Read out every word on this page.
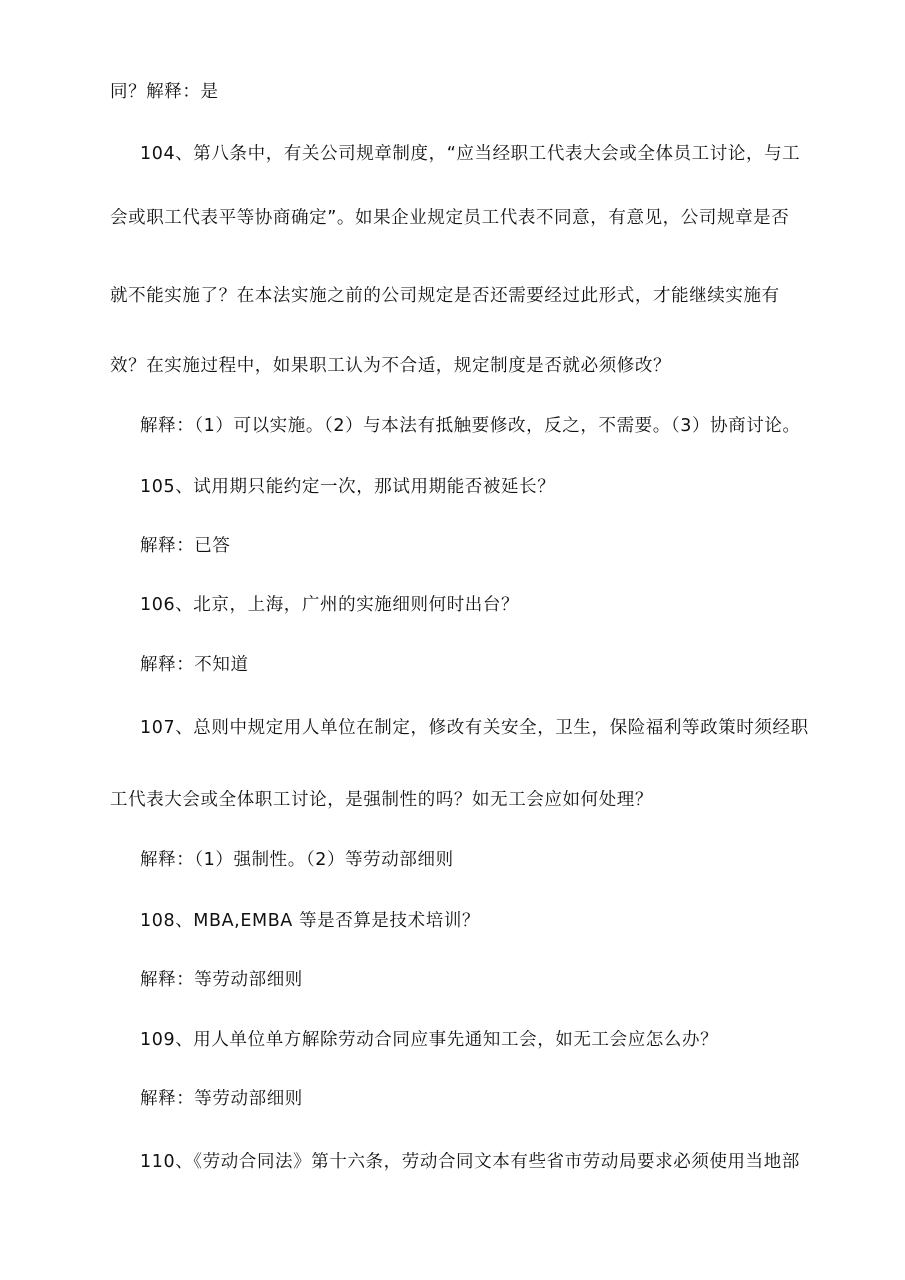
同？解释：是
104、第八条中，有关公司规章制度，“应当经职工代表大会或全体员工讨论，与工
会或职工代表平等协商确定”。如果企业规定员工代表不同意，有意见，公司规章是否
就不能实施了？在本法实施之前的公司规定是否还需要经过此形式，才能继续实施有
效？在实施过程中，如果职工认为不合适，规定制度是否就必须修改？
解释：（1）可以实施。（2）与本法有抵触要修改，反之，不需要。（3）协商讨论。
105、试用期只能约定一次，那试用期能否被延长？
解释：已答
106、北京，上海，广州的实施细则何时出台？
解释：不知道
107、总则中规定用人单位在制定，修改有关安全，卫生，保险福利等政策时须经职
工代表大会或全体职工讨论，是强制性的吗？如无工会应如何处理？
解释：（1）强制性。（2）等劳动部细则
108、MBA,EMBA 等是否算是技术培训？
解释：等劳动部细则
109、用人单位单方解除劳动合同应事先通知工会，如无工会应怎么办？
解释：等劳动部细则
110、《劳动合同法》第十六条，劳动合同文本有些省市劳动局要求必须使用当地部
